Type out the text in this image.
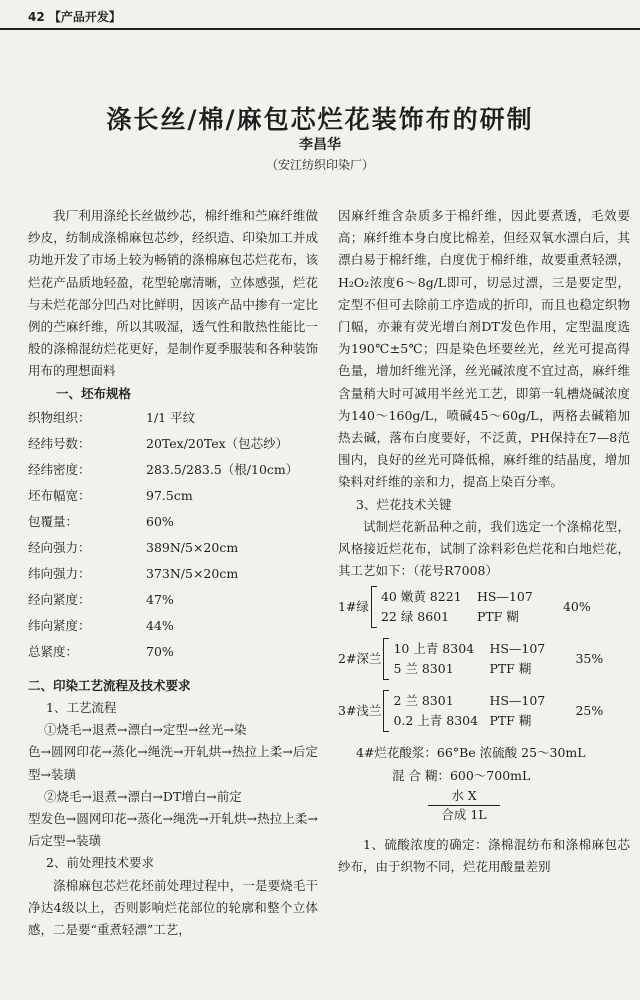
42 【产品开发】
涤长丝/棉/麻包芯烂花装饰布的研制
李昌华
（安江纺织印染厂）

我厂利用涤纶长丝做纱芯，棉纤维和苎麻纤维做纱皮，纺制成涤棉麻包芯纱，经织造、印染加工并成功地开发了市场上较为畅销的涤棉麻包芯烂花布，该烂花产品质地轻盈，花型轮廓清晰，立体感强，烂花与未烂花部分凹凸对比鲜明，因该产品中掺有一定比例的苎麻纤维，所以其吸湿，透气性和散热性能比一般的涤棉混纺烂花更好，是制作夏季服装和各种装饰用布的理想面料

一、坯布规格
织物组织：	1/1 平纹
经纬号数：	20Tex/20Tex（包芯纱）
经纬密度：	283.5/283.5（根/10cm）
坯布幅宽：	97.5cm
包覆量：	60%
经向强力：	389N/5×20cm
纬向强力：	373N/5×20cm
经向紧度：	47%
纬向紧度：	44%
总紧度：	70%
二、印染工艺流程及技术要求
1、工艺流程
①烧毛→退煮→漂白→定型→丝光→染

色→圆网印花→蒸化→绳洗→开轧烘→热拉上柔→后定型→装璜

②烧毛→退煮→漂白→DT增白→前定

型发色→圆网印花→蒸化→绳洗→开轧烘→热拉上柔→后定型→装璜

2、前处理技术要求

涤棉麻包芯烂花坯前处理过程中，一是要烧毛干净达4级以上，否则影响烂花部位的轮廓和整个立体感，二是要“重煮轻漂”工艺，

因麻纤维含杂质多于棉纤维，因此要煮透，毛效要高；麻纤维本身白度比棉差，但经双氧水漂白后，其漂白易于棉纤维，白度优于棉纤维，故要重煮轻漂，H₂O₂浓度6～8g/L即可，切忌过漂，三是要定型，定型不但可去除前工序造成的折印，而且也稳定织物门幅，亦兼有荧光增白剂DT发色作用，定型温度选为190℃±5℃；四是染色坯要丝光，丝光可提高得色量，增加纤维光泽，丝光碱浓度不宜过高，麻纤维含量稍大时可减用半丝光工艺，即第一轧槽烧碱浓度为140～160g/L，喷碱45～60g/L，两格去碱箱加热去碱，落布白度要好，不泛黄，PH保持在7—8范围内，良好的丝光可降低棉，麻纤维的结晶度，增加染料对纤维的亲和力，提高上染百分率。

3、烂花技术关键

试制烂花新品种之前，我们选定一个涤棉花型，风格接近烂花布，试制了涂料彩色烂花和白地烂花，其工艺如下：（花号R7008）

1#绿
40 嫩黄 8221	HS—107
22 绿 8601	PTF 糊
40%
2#深兰
10 上青 8304	HS—107
5 兰 8301	PTF 糊
35%
3#浅兰
2 兰 8301	HS—107
0.2 上青 8304 PTF 糊
25%
4#烂花酸浆：66°Be 浓硫酸 25～30mL
混 合 糊：600～700mL
水 X
合成 1L

1、硫酸浓度的确定：涤棉混纺布和涤棉麻包芯纱布，由于织物不同，烂花用酸量差别
